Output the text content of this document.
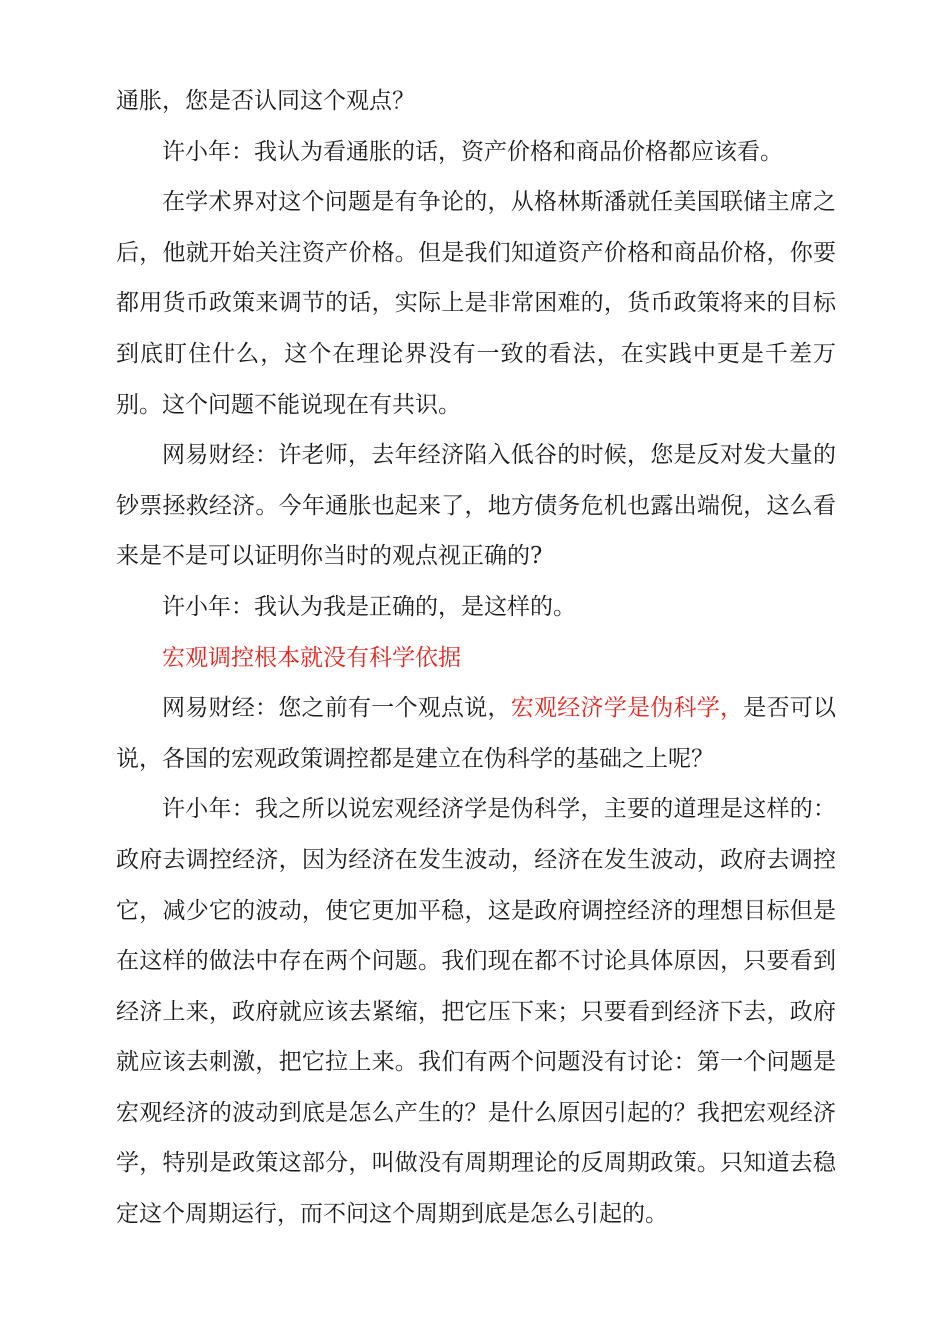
通胀，您是否认同这个观点？

许小年：我认为看通胀的话，资产价格和商品价格都应该看。

在学术界对这个问题是有争论的，从格林斯潘就任美国联储主席之后，他就开始关注资产价格。但是我们知道资产价格和商品价格，你要都用货币政策来调节的话，实际上是非常困难的，货币政策将来的目标到底盯住什么，这个在理论界没有一致的看法，在实践中更是千差万别。这个问题不能说现在有共识。

网易财经：许老师，去年经济陷入低谷的时候，您是反对发大量的钞票拯救经济。今年通胀也起来了，地方债务危机也露出端倪，这么看来是不是可以证明你当时的观点视正确的?

许小年：我认为我是正确的，是这样的。

宏观调控根本就没有科学依据

网易财经：您之前有一个观点说，宏观经济学是伪科学，是否可以说，各国的宏观政策调控都是建立在伪科学的基础之上呢？

许小年：我之所以说宏观经济学是伪科学，主要的道理是这样的：政府去调控经济，因为经济在发生波动，经济在发生波动，政府去调控它，减少它的波动，使它更加平稳，这是政府调控经济的理想目标但是在这样的做法中存在两个问题。我们现在都不讨论具体原因，只要看到经济上来，政府就应该去紧缩，把它压下来；只要看到经济下去，政府就应该去刺激，把它拉上来。我们有两个问题没有讨论：第一个问题是宏观经济的波动到底是怎么产生的？是什么原因引起的？我把宏观经济学，特别是政策这部分，叫做没有周期理论的反周期政策。只知道去稳定这个周期运行，而不问这个周期到底是怎么引起的。
